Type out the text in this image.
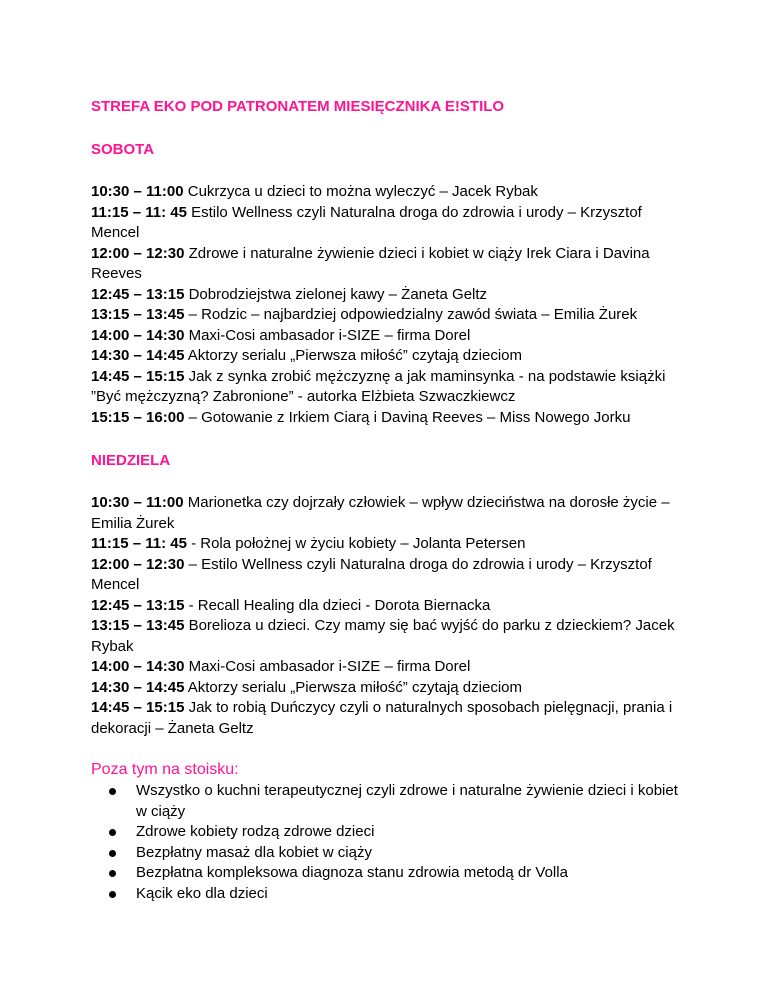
STREFA EKO POD PATRONATEM MIESIĘCZNIKA E!STILO
SOBOTA
10:30 – 11:00 Cukrzyca u dzieci to można wyleczyć – Jacek Rybak
11:15 – 11: 45 Estilo Wellness czyli Naturalna droga do zdrowia i urody – Krzysztof Mencel
12:00 – 12:30 Zdrowe i naturalne żywienie dzieci i kobiet w ciąży Irek Ciara i Davina Reeves
12:45 – 13:15 Dobrodziejstwa zielonej kawy – Żaneta Geltz
13:15 – 13:45 – Rodzic – najbardziej odpowiedzialny zawód świata – Emilia Żurek
14:00 – 14:30 Maxi-Cosi ambasador i-SIZE – firma Dorel
14:30 – 14:45 Aktorzy serialu „Pierwsza miłość” czytają dzieciom
14:45 – 15:15 Jak z synka zrobić mężczyznę a jak maminsynka - na podstawie książki ”Być mężczyzną? Zabronione” - autorka Elżbieta Szwaczkiewcz
15:15 – 16:00 – Gotowanie z Irkiem Ciarą i Daviną Reeves – Miss Nowego Jorku
NIEDZIELA
10:30 – 11:00 Marionetka czy dojrzały człowiek – wpływ dzieciństwa na dorosłe życie – Emilia Żurek
11:15 – 11: 45 - Rola położnej w życiu kobiety – Jolanta Petersen
12:00 – 12:30 – Estilo Wellness czyli Naturalna droga do zdrowia i urody – Krzysztof Mencel
12:45 – 13:15 - Recall Healing dla dzieci - Dorota Biernacka
13:15 – 13:45 Borelioza u dzieci. Czy mamy się bać wyjść do parku z dzieckiem? Jacek Rybak
14:00 – 14:30 Maxi-Cosi ambasador i-SIZE – firma Dorel
14:30 – 14:45 Aktorzy serialu „Pierwsza miłość” czytają dzieciom
14:45 – 15:15 Jak to robią Duńczycy czyli o naturalnych sposobach pielęgnacji, prania i dekoracji – Żaneta Geltz
Poza tym na stoisku:
Wszystko o kuchni terapeutycznej czyli zdrowe i naturalne żywienie dzieci i kobiet w ciąży
Zdrowe kobiety rodzą zdrowe dzieci
Bezpłatny masaż dla kobiet w ciąży
Bezpłatna kompleksowa diagnoza stanu zdrowia metodą dr Volla
Kącik eko dla dzieci
